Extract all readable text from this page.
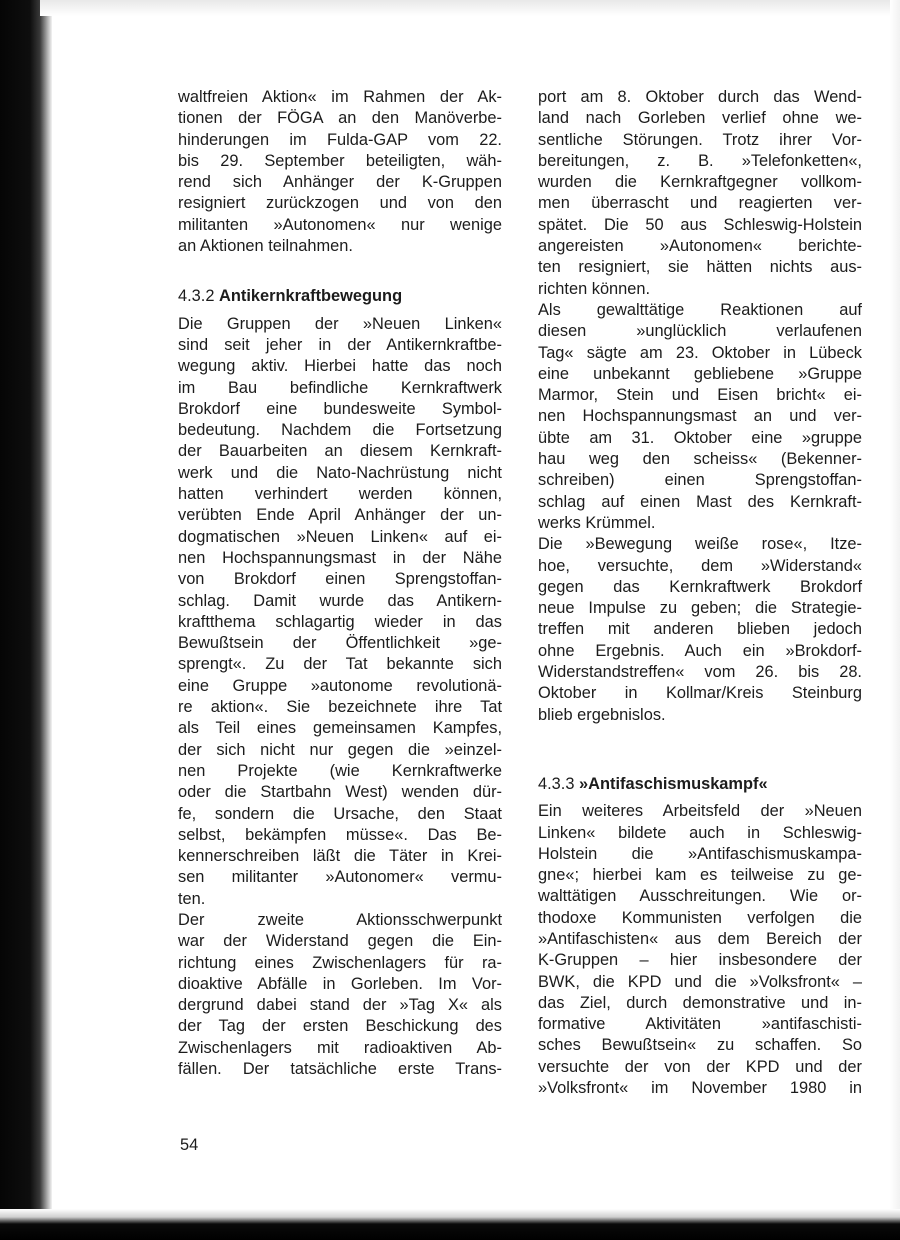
waltfreien Aktion« im Rahmen der Ak-
tionen der FÖGA an den Manöverbe-
hinderungen im Fulda-GAP vom 22.
bis 29. September beteiligten, wäh-
rend sich Anhänger der K-Gruppen
resigniert zurückzogen und von den
militanten »Autonomen« nur wenige
an Aktionen teilnahmen.
4.3.2 Antikernkraftbewegung
Die Gruppen der »Neuen Linken«
sind seit jeher in der Antikernkraftbe-
wegung aktiv. Hierbei hatte das noch
im Bau befindliche Kernkraftwerk
Brokdorf eine bundesweite Symbol-
bedeutung. Nachdem die Fortsetzung
der Bauarbeiten an diesem Kernkraft-
werk und die Nato-Nachrüstung nicht
hatten verhindert werden können,
verübten Ende April Anhänger der un-
dogmatischen »Neuen Linken« auf ei-
nen Hochspannungsmast in der Nähe
von Brokdorf einen Sprengstoffan-
schlag. Damit wurde das Antikern-
kraftthema schlagartig wieder in das
Bewußtsein der Öffentlichkeit »ge-
sprengt«. Zu der Tat bekannte sich
eine Gruppe »autonome revolutionä-
re aktion«. Sie bezeichnete ihre Tat
als Teil eines gemeinsamen Kampfes,
der sich nicht nur gegen die »einzel-
nen Projekte (wie Kernkraftwerke
oder die Startbahn West) wenden dür-
fe, sondern die Ursache, den Staat
selbst, bekämpfen müsse«. Das Be-
kennerschreiben läßt die Täter in Krei-
sen militanter »Autonomer« vermu-
ten.
Der zweite Aktionsschwerpunkt
war der Widerstand gegen die Ein-
richtung eines Zwischenlagers für ra-
dioaktive Abfälle in Gorleben. Im Vor-
dergrund dabei stand der »Tag X« als
der Tag der ersten Beschickung des
Zwischenlagers mit radioaktiven Ab-
fällen. Der tatsächliche erste Trans-
port am 8. Oktober durch das Wend-
land nach Gorleben verlief ohne we-
sentliche Störungen. Trotz ihrer Vor-
bereitungen, z. B. »Telefonketten«,
wurden die Kernkraftgegner vollkom-
men überrascht und reagierten ver-
spätet. Die 50 aus Schleswig-Holstein
angereisten »Autonomen« berichte-
ten resigniert, sie hätten nichts aus-
richten können.
Als gewalttätige Reaktionen auf
diesen »unglücklich verlaufenen
Tag« sägte am 23. Oktober in Lübeck
eine unbekannt gebliebene »Gruppe
Marmor, Stein und Eisen bricht« ei-
nen Hochspannungsmast an und ver-
übte am 31. Oktober eine »gruppe
hau weg den scheiss« (Bekenner-
schreiben) einen Sprengstoffan-
schlag auf einen Mast des Kernkraft-
werks Krümmel.
Die »Bewegung weiße rose«, Itze-
hoe, versuchte, dem »Widerstand«
gegen das Kernkraftwerk Brokdorf
neue Impulse zu geben; die Strategie-
treffen mit anderen blieben jedoch
ohne Ergebnis. Auch ein »Brokdorf-
Widerstandstreffen« vom 26. bis 28.
Oktober in Kollmar/Kreis Steinburg
blieb ergebnislos.
4.3.3 »Antifaschismuskampf«
Ein weiteres Arbeitsfeld der »Neuen
Linken« bildete auch in Schleswig-
Holstein die »Antifaschismuskampa-
gne«; hierbei kam es teilweise zu ge-
walttätigen Ausschreitungen. Wie or-
thodoxe Kommunisten verfolgen die
»Antifaschisten« aus dem Bereich der
K-Gruppen – hier insbesondere der
BWK, die KPD und die »Volksfront« –
das Ziel, durch demonstrative und in-
formative Aktivitäten »antifaschisti-
sches Bewußtsein« zu schaffen. So
versuchte der von der KPD und der
»Volksfront« im November 1980 in
54
